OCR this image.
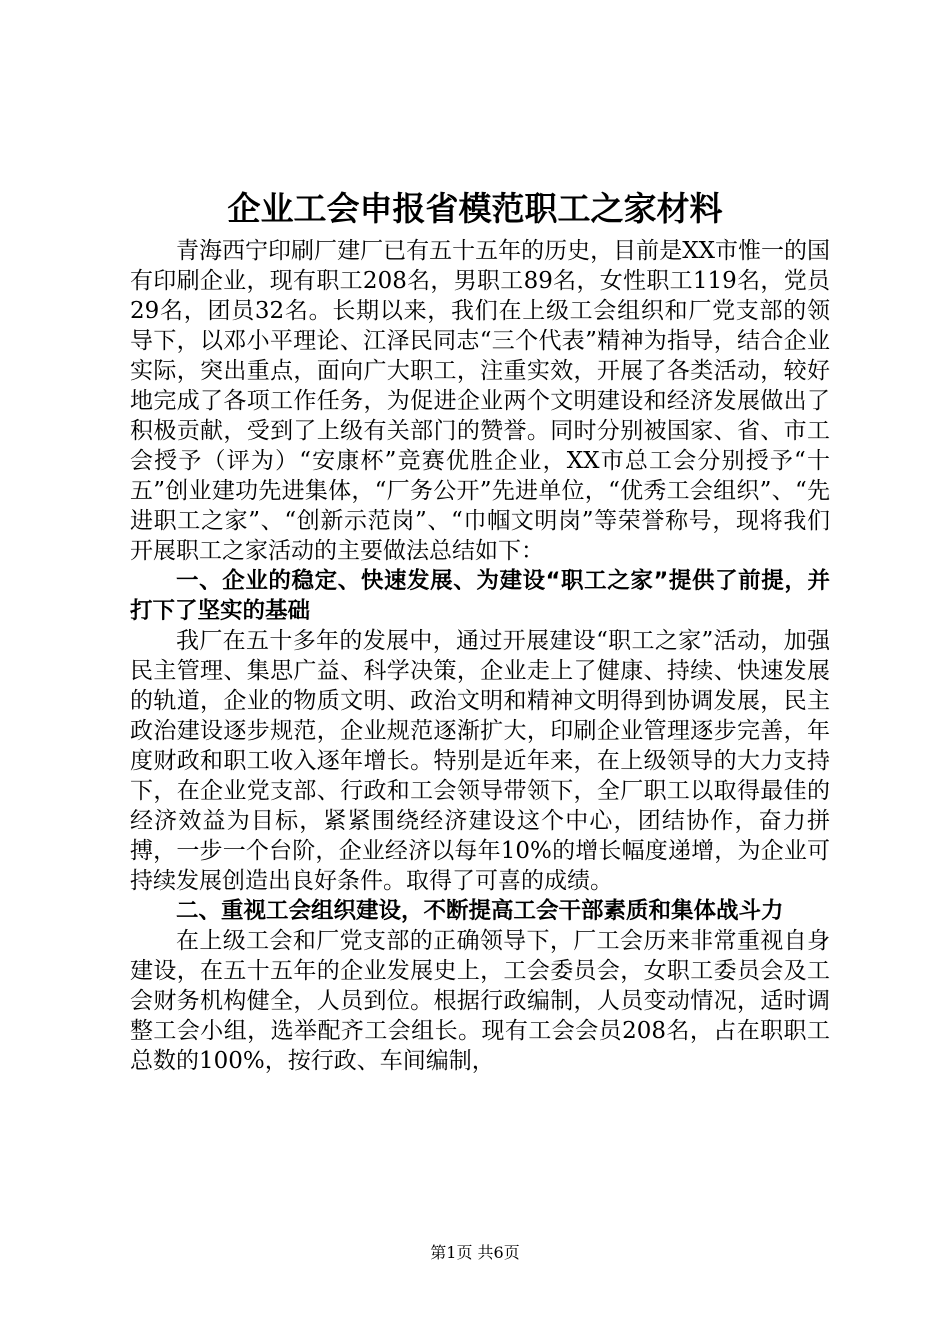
企业工会申报省模范职工之家材料

青海西宁印刷厂建厂已有五十五年的历史，目前是XX市惟一的国有印刷企业，现有职工208名，男职工89名，女性职工119名，党员29名，团员32名。长期以来，我们在上级工会组织和厂党支部的领导下，以邓小平理论、江泽民同志“三个代表”精神为指导，结合企业实际，突出重点，面向广大职工，注重实效，开展了各类活动，较好地完成了各项工作任务，为促进企业两个文明建设和经济发展做出了积极贡献，受到了上级有关部门的赞誉。同时分别被国家、省、市工会授予（评为）“安康杯”竞赛优胜企业，XX市总工会分别授予“十五”创业建功先进集体，“厂务公开”先进单位，“优秀工会组织”、“先进职工之家”、“创新示范岗”、“巾帼文明岗”等荣誉称号，现将我们开展职工之家活动的主要做法总结如下：

一、企业的稳定、快速发展、为建设“职工之家”提供了前提，并打下了坚实的基础

我厂在五十多年的发展中，通过开展建设“职工之家”活动，加强民主管理、集思广益、科学决策，企业走上了健康、持续、快速发展的轨道，企业的物质文明、政治文明和精神文明得到协调发展，民主政治建设逐步规范，企业规范逐渐扩大，印刷企业管理逐步完善，年度财政和职工收入逐年增长。特别是近年来，在上级领导的大力支持下，在企业党支部、行政和工会领导带领下，全厂职工以取得最佳的经济效益为目标，紧紧围绕经济建设这个中心，团结协作，奋力拼搏，一步一个台阶，企业经济以每年10%的增长幅度递增，为企业可持续发展创造出良好条件。取得了可喜的成绩。

二、重视工会组织建设，不断提高工会干部素质和集体战斗力

在上级工会和厂党支部的正确领导下，厂工会历来非常重视自身建设，在五十五年的企业发展史上，工会委员会，女职工委员会及工会财务机构健全，人员到位。根据行政编制，人员变动情况，适时调整工会小组，选举配齐工会组长。现有工会会员208名，占在职职工总数的100%，按行政、车间编制，

第1页 共6页
